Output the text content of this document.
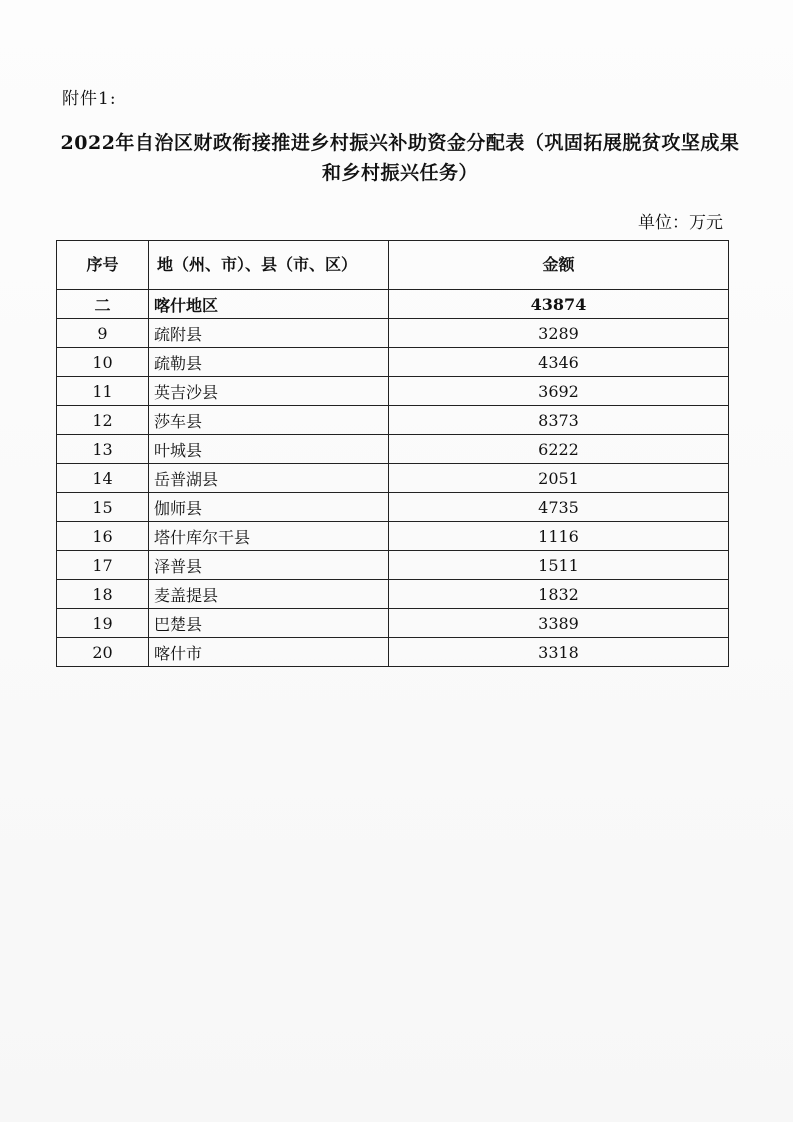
附件1:
2022年自治区财政衔接推进乡村振兴补助资金分配表（巩固拓展脱贫攻坚成果和乡村振兴任务）
单位：万元
序号	地（州、市）、县（市、区）	金额
二	喀什地区	43874
9	疏附县	3289
10	疏勒县	4346
11	英吉沙县	3692
12	莎车县	8373
13	叶城县	6222
14	岳普湖县	2051
15	伽师县	4735
16	塔什库尔干县	1116
17	泽普县	1511
18	麦盖提县	1832
19	巴楚县	3389
20	喀什市	3318
